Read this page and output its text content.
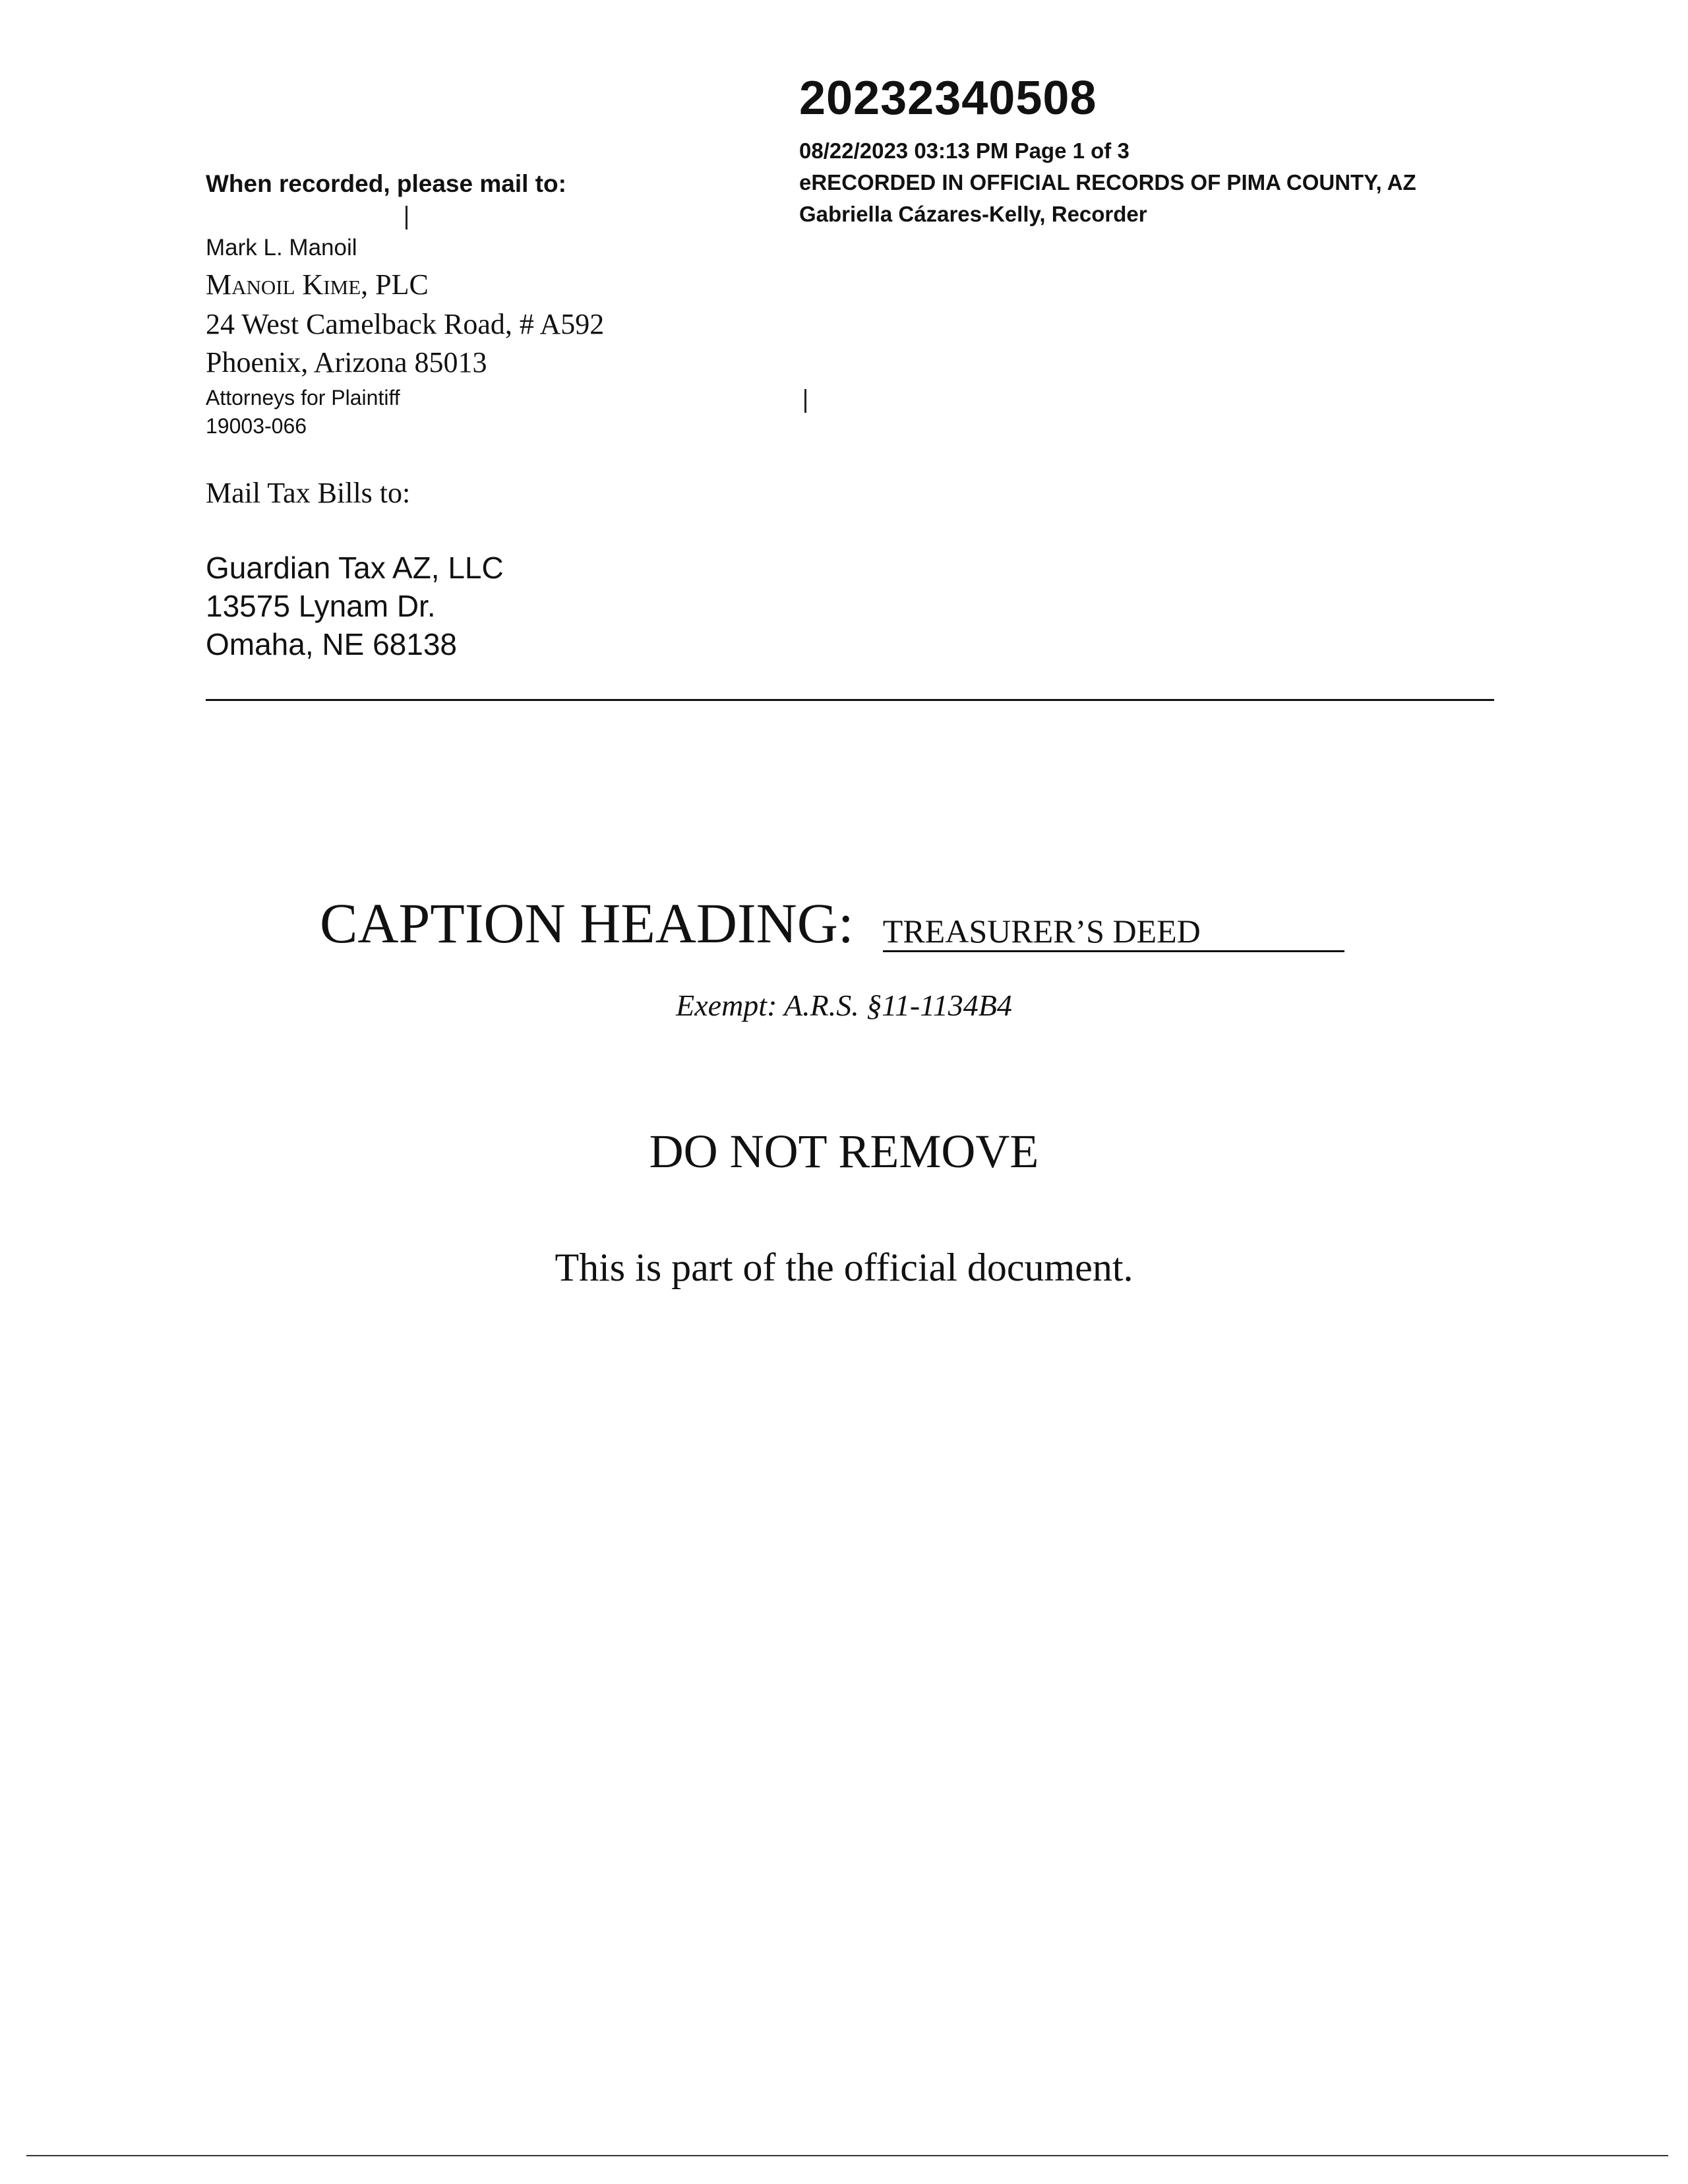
20232340508
08/22/2023 03:13 PM Page 1 of 3
eRECORDED IN OFFICIAL RECORDS OF PIMA COUNTY, AZ
Gabriella Cázares-Kelly, Recorder
When recorded, please mail to:
Mark L. Manoil
Manoil Kime, PLC
24 West Camelback Road, # A592
Phoenix, Arizona 85013
Attorneys for Plaintiff
19003-066
Mail Tax Bills to:
Guardian Tax AZ, LLC
13575 Lynam Dr.
Omaha, NE 68138
CAPTION HEADING: TREASURER’S DEED
Exempt: A.R.S. §11-1134B4
DO NOT REMOVE
This is part of the official document.
